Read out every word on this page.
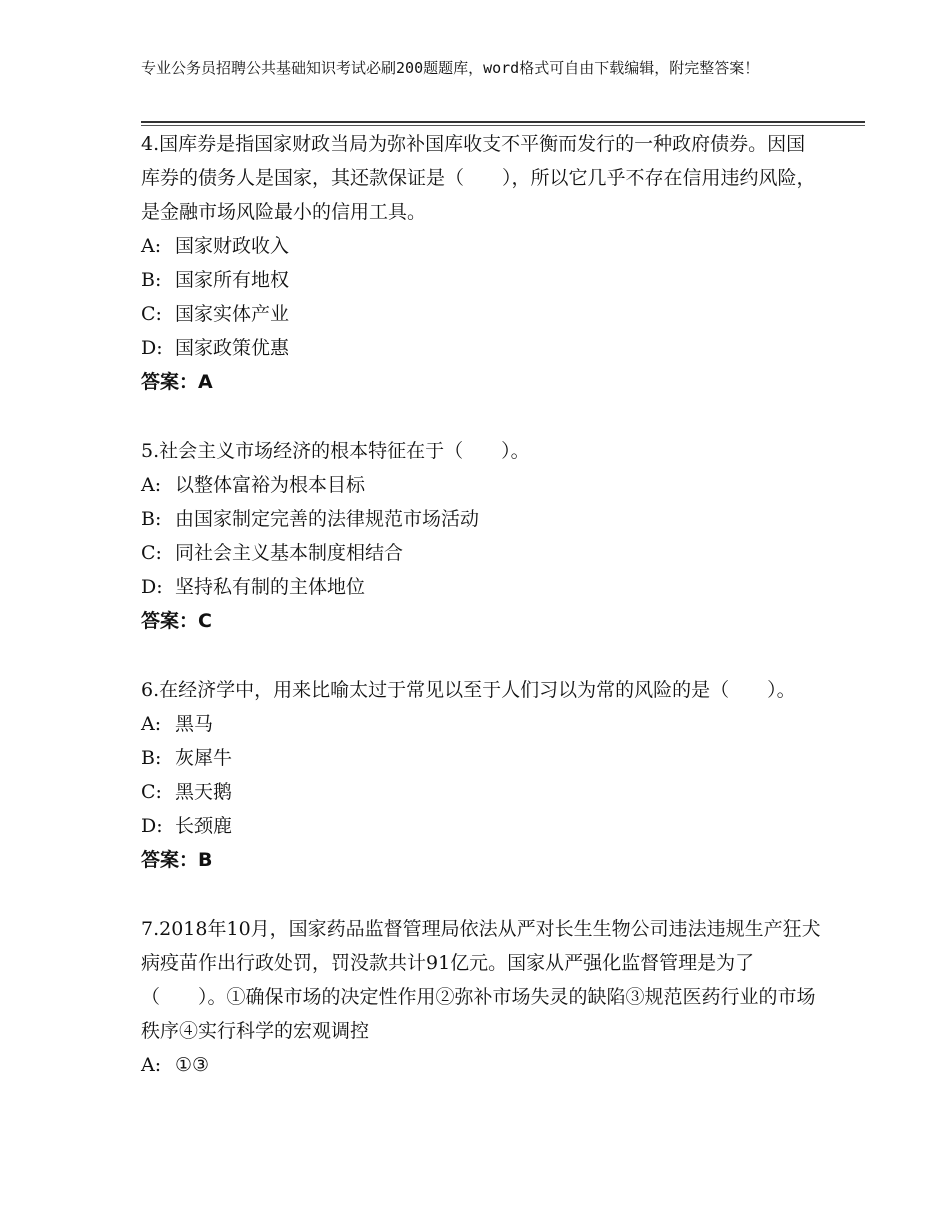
专业公务员招聘公共基础知识考试必刷200题题库，word格式可自由下载编辑，附完整答案！

4.国库券是指国家财政当局为弥补国库收支不平衡而发行的一种政府债券。因国库券的债务人是国家，其还款保证是（　　），所以它几乎不存在信用违约风险，是金融市场风险最小的信用工具。

A: 国家财政收入

B: 国家所有地权

C: 国家实体产业

D: 国家政策优惠

答案：A

5.社会主义市场经济的根本特征在于（　　）。

A: 以整体富裕为根本目标

B: 由国家制定完善的法律规范市场活动

C: 同社会主义基本制度相结合

D: 坚持私有制的主体地位

答案：C

6.在经济学中，用来比喻太过于常见以至于人们习以为常的风险的是（　　）。

A: 黑马

B: 灰犀牛

C: 黑天鹅

D: 长颈鹿

答案：B

7.2018年10月，国家药品监督管理局依法从严对长生生物公司违法违规生产狂犬病疫苗作出行政处罚，罚没款共计91亿元。国家从严强化监督管理是为了（　　）。①确保市场的决定性作用②弥补市场失灵的缺陷③规范医药行业的市场秩序④实行科学的宏观调控

A: ①③
